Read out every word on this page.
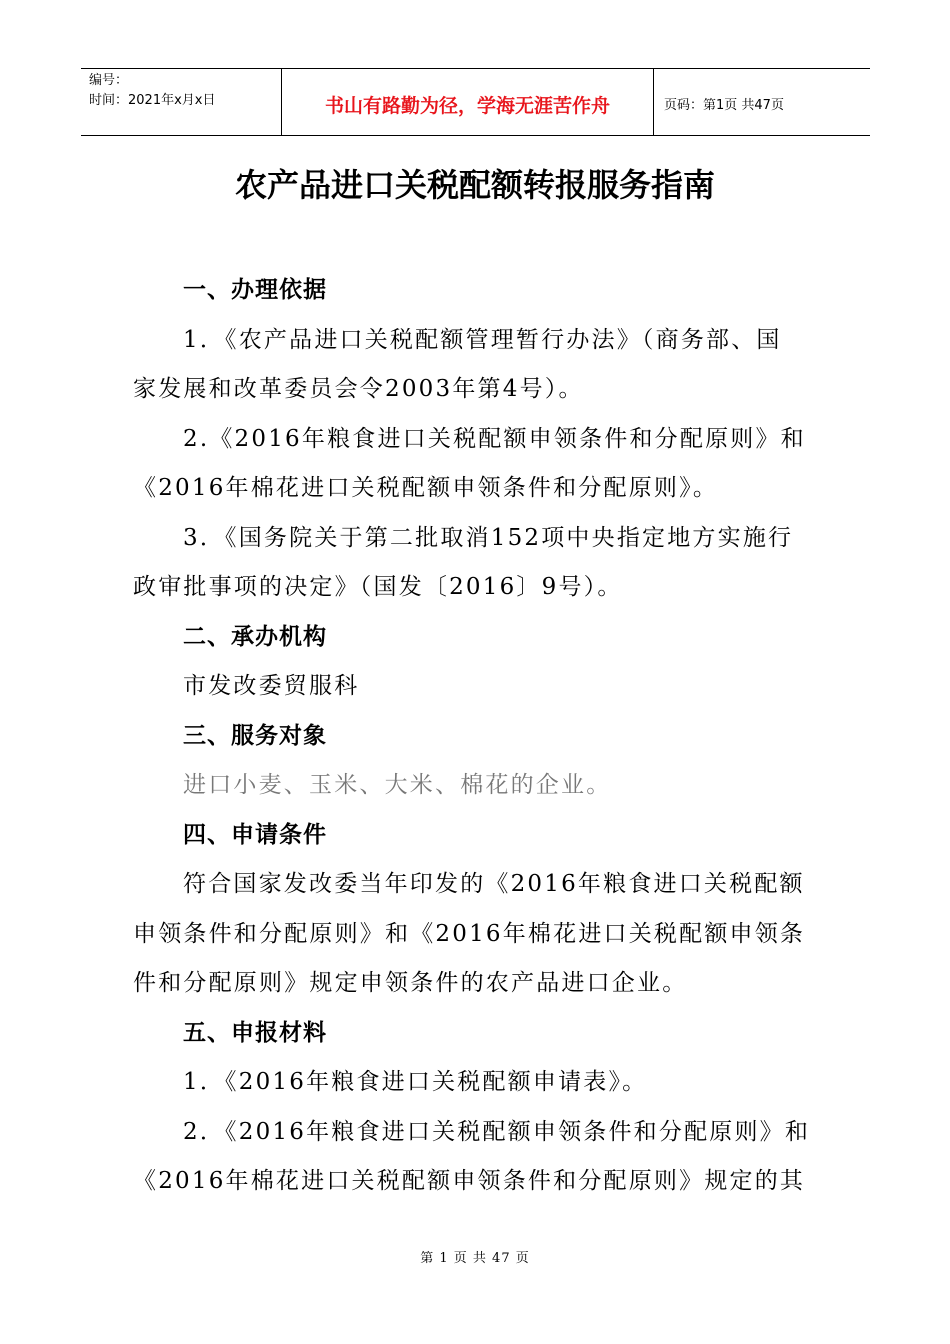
编号：
时间：2021年x月x日	书山有路勤为径，学海无涯苦作舟	页码：第1页 共47页
农产品进口关税配额转报服务指南
一、办理依据
1．《农产品进口关税配额管理暂行办法》（商务部、国
家发展和改革委员会令2003年第4号）。
2.《2016年粮食进口关税配额申领条件和分配原则》和
《2016年棉花进口关税配额申领条件和分配原则》。
3．《国务院关于第二批取消152项中央指定地方实施行
政审批事项的决定》（国发〔2016〕9号）。
二、承办机构
市发改委贸服科
三、服务对象
进口小麦、玉米、大米、棉花的企业。
四、申请条件
符合国家发改委当年印发的《2016年粮食进口关税配额
申领条件和分配原则》和《2016年棉花进口关税配额申领条
件和分配原则》规定申领条件的农产品进口企业。
五、申报材料
1．《2016年粮食进口关税配额申请表》。
2．《2016年粮食进口关税配额申领条件和分配原则》和
《2016年棉花进口关税配额申领条件和分配原则》规定的其
第 1 页 共 47 页
